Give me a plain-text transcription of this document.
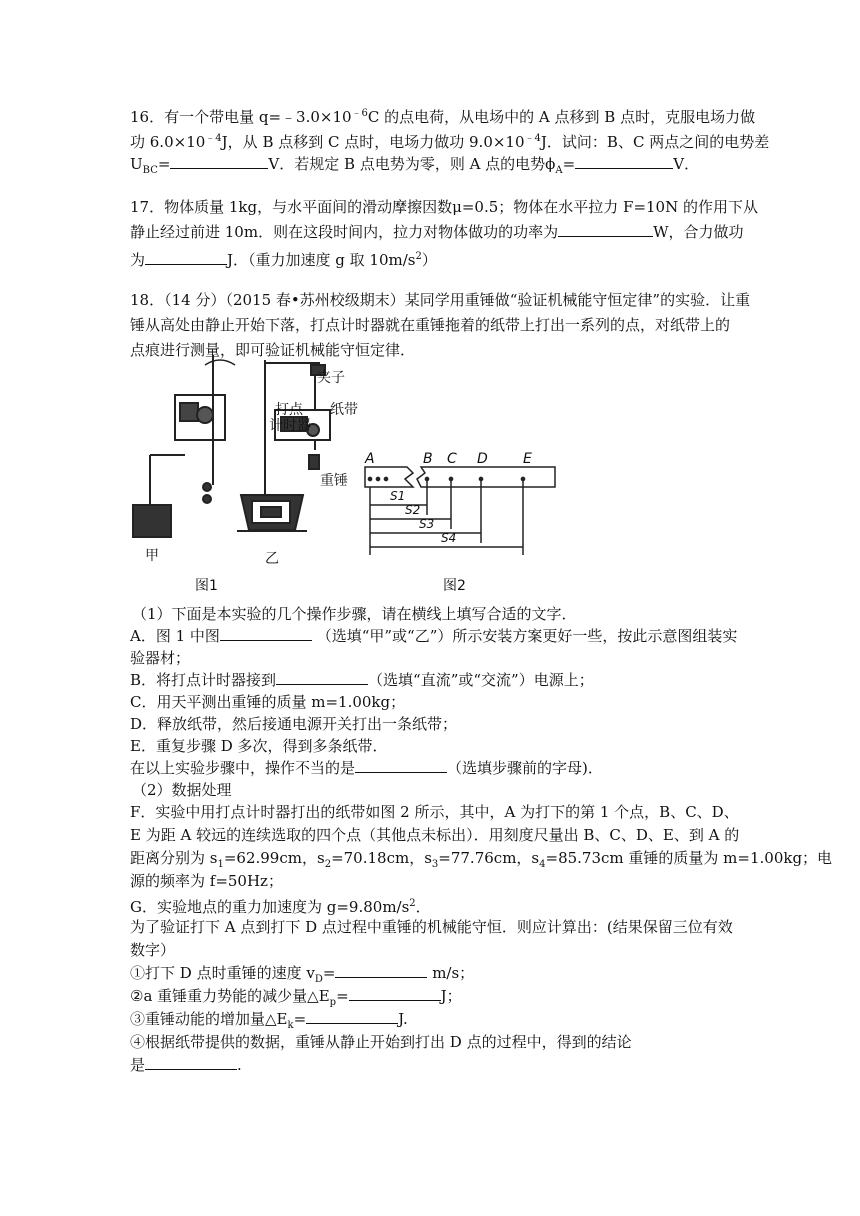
16．有一个带电量 $q=﹣3.0\times 10^{﹣6}C$ 的点电荷，从电场中的 A 点移到 B 点时，克服电场力做
功 $6.0\times 10^{﹣4}J$，从 B 点移到 C 点时，电场力做功 $9.0\times 10^{﹣4}J$．试问：B、C 两点之间的电势差
$U_{BC}=$	V．若规定 B 点电势为零，则 A 点的电势$\phi_A=$	V．
17．物体质量 1kg，与水平面间的滑动摩擦因数μ=0.5；物体在水平拉力 F=10N 的作用下从
静止经过前进 10m．则在这段时间内，拉力对物体做功的功率为	W，合力做功
为	J．（重力加速度 g 取 $10m/s^2$）
18．（14 分）（2015 春•苏州校级期末）某同学用重锤做“验证机械能守恒定律”的实验．让重
锤从高处由静止开始下落，打点计时器就在重锤拖着的纸带上打出一系列的点，对纸带上的
点痕进行测量，即可验证机械能守恒定律．
夹子
打点
计时器
纸带
重锤
甲	乙
A	B C D	E
S1
S2
S3
S4
图1	图2
（1）下面是本实验的几个操作步骤，请在横线上填写合适的文字．
A．图 1 中图	（选填“甲”或“乙”）所示安装方案更好一些，按此示意图组装实
验器材；
B．将打点计时器接到	（选填“直流”或“交流”）电源上；
C．用天平测出重锤的质量 m=1.00kg；
D．释放纸带，然后接通电源开关打出一条纸带；
E．重复步骤 D 多次，得到多条纸带．
在以上实验步骤中，操作不当的是	（选填步骤前的字母)．
（2）数据处理
F．实验中用打点计时器打出的纸带如图 2 所示，其中，A 为打下的第 1 个点，B、C、D、
E 为距 A 较远的连续选取的四个点（其他点未标出）．用刻度尺量出 B、C、D、E、到 A 的
距离分别为 $s_1=62.99cm$，$s_2=70.18cm$，$s_3=77.76cm$，$s_4=85.73cm$ 重锤的质量为 m=1.00kg；电
源的频率为 f=50Hz；
G．实验地点的重力加速度为 $g=9.80m/s^2$．
为了验证打下 A 点到打下 D 点过程中重锤的机械能守恒．则应计算出：(结果保留三位有效
数字）
①打下 D 点时重锤的速度 $v_D=$	m/s；
②a 重锤重力势能的减少量$\triangle E_p=$	J；
③重锤动能的增加量$\triangle E_k=$	J.
④根据纸带提供的数据，重锤从静止开始到打出 D 点的过程中，得到的结论
是	.
